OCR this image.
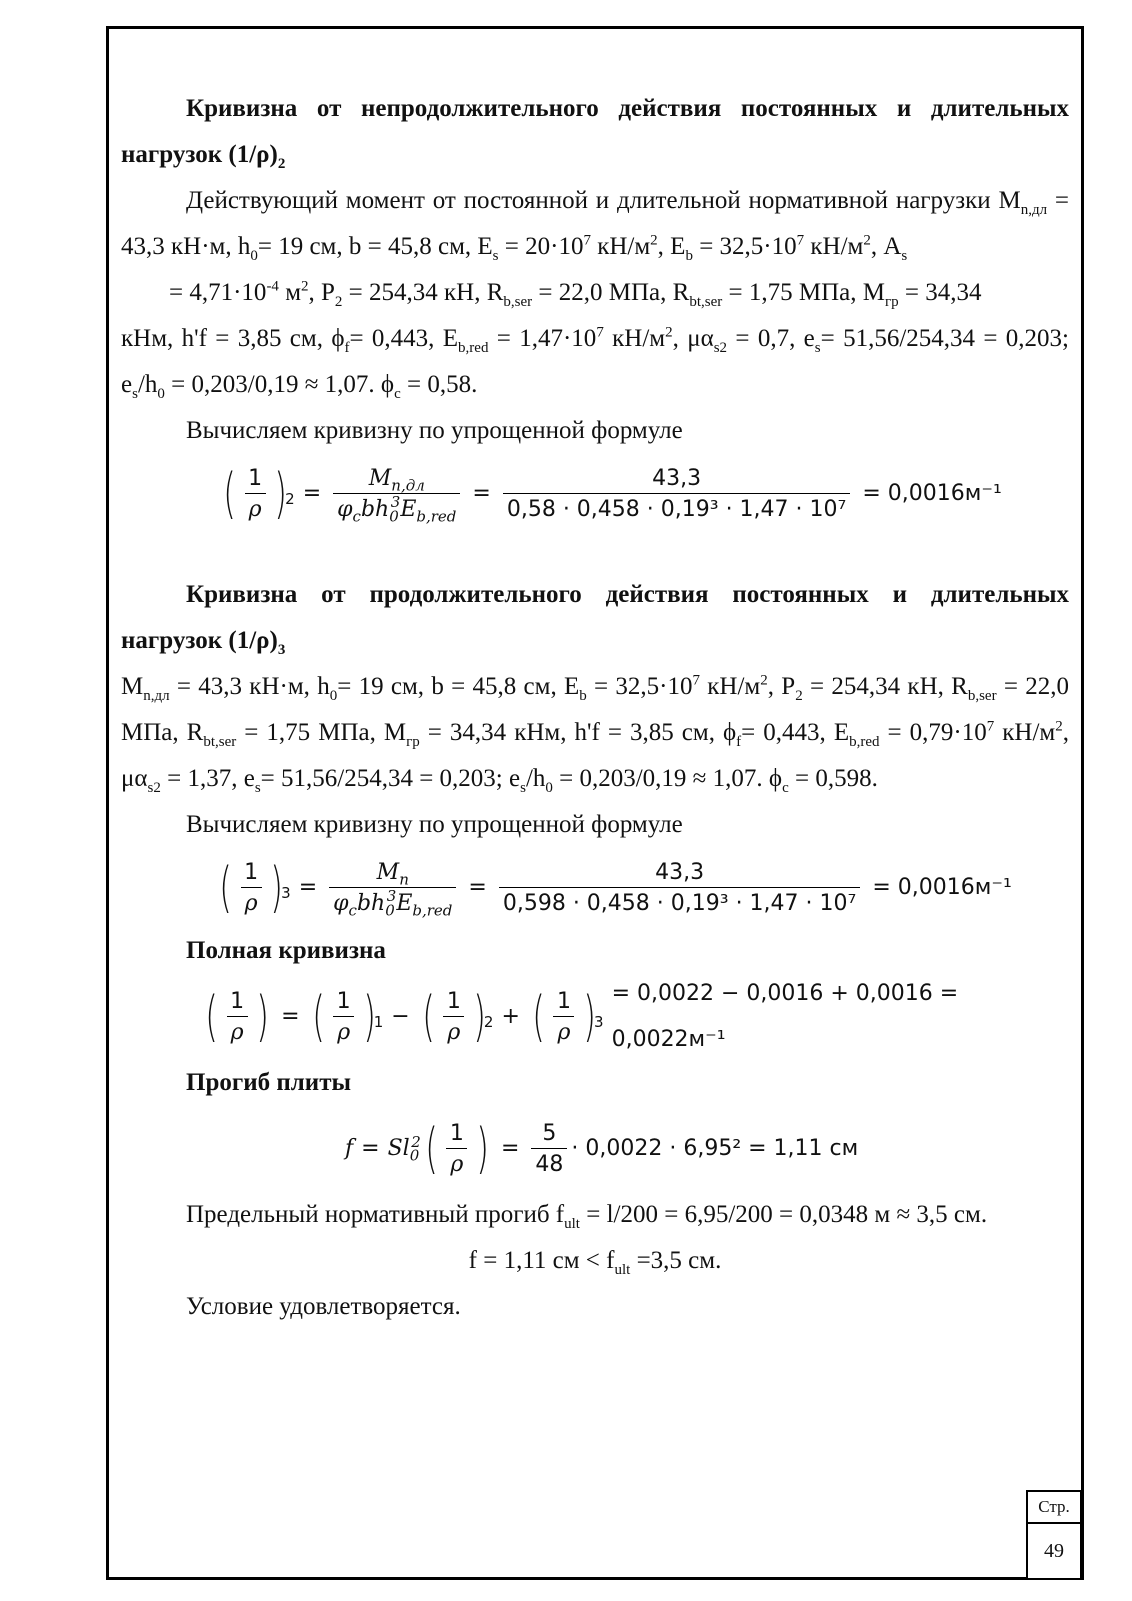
Кривизна от непродолжительного действия постоянных и длительных нагрузок $(1/\rho)_2$

Действующий момент от постоянной и длительной нормативной нагрузки $M_{n,дл} = 43,3$ кН·м, $h_0= 19$ см, b = 45,8 см, $E_s = 20\cdot 10^7$ $кН/м^2$, $E_b = 32,5\cdot 10^7$ $кН/м^2$, $A_s$

= $4,71\cdot 10^{-4}$ $м^2$, $P_2 = 254,34$ кН, $R_{b,ser} = 22,0$ МПа, $R_{bt,ser} = 1,75$ МПа, $M_{гр} = 34,34$

кНм, h'f = 3,85 см, $\phi_f= 0,443$, $E_{b,red} = 1,47\cdot 10^7$ $кН/м^2$, $\mu\alpha_{s2} = 0,7$, $e_s= 51,56/254,34 = 0,203$; $e_s/h_0 = 0,203/0,19 \approx 1,07$. $\phi_c = 0,58$.

Вычисляем кривизну по упрощенной формуле

( $\frac{1}{\rho}$ )
$2 = \frac{M_{n,дл}}{\varphi_cbh_0^3E_{b,red}} = \frac{43,3}{\text{0,58 · 0,458 · 0,19³ · 1,47 · 10⁷}} = 0,0016м^{-1}$

Кривизна от продолжительного действия постоянных и длительных нагрузок $(1/\rho)_3$

$M_{n,дл} = 43,3$ кН·м, $h_0= 19$ см, b = 45,8 см, $E_b = 32,5\cdot 10^7$ $кН/м^2$, $P_2 = 254,34$ кН, $R_{b,ser} = 22,0$ МПа, $R_{bt,ser} = 1,75$ МПа, $M_{гр} = 34,34$ кНм, h'f = 3,85 см, $\phi_f= 0,443$, $E_{b,red} = 0,79\cdot 10^7$ $кН/м^2$, $\mu\alpha_{s2} = 1,37$, $e_s= 51,56/254,34 = 0,203$; $e_s/h_0 = 0,203/0,19 \approx 1,07$. $\phi_c = 0,598$.

Вычисляем кривизну по упрощенной формуле

( $\frac{1}{\rho}$ )
$3 = \frac{M_n}{\varphi_cbh_0^3E_{b,red}} = \frac{43,3}{\text{0,598 · 0,458 · 0,19³ · 1,47 · 10⁷}} = 0,0016м^{-1}$

Полная кривизна

( $\frac{1}{\rho}$ ) = ( $\frac{1}{\rho}$ )
1 − ( $\frac{1}{\rho}$ )
2 + ( $\frac{1}{\rho}$ )
3
= 0,0022 − 0,0016 + 0,0016 = 0,0022м⁻¹

Прогиб плиты

$f = Sl_0^2$ ( $\frac{1}{\rho}$ ) = $\frac{5}{48} \cdot 0,0022 \cdot 6,95^2 = 1,11$ см

Предельный нормативный прогиб $f_{ult} = l/200 = 6,95/200 = 0,0348$ м ≈ 3,5 см.

f = 1,11 см < $f_{ult} =3,5$ см.

Условие удовлетворяется.

Стр.
49
